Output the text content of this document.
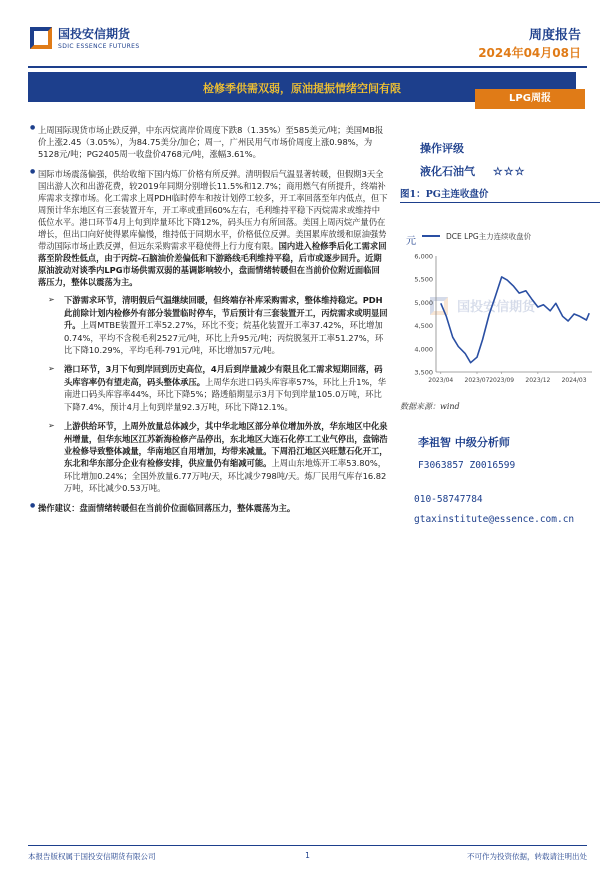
国投安信期货
SDIC ESSENCE FUTURES
周度报告
2024年04月08日
检修季供需双弱，原油提振情绪空间有限
LPG周报
● 上周国际现货市场止跌反弹，中东丙烷离岸价周度下跌8（1.35%）至585美元/吨；美国MB报价上涨2.45（3.05%），为84.75美分/加仑；周一，广州民用气市场价周度上涨0.98%，为5128元/吨；PG2405周一收盘价4768元/吨，涨幅3.61%。
● 国际市场震荡偏强，供给收缩下国内炼厂价格有所反弹。清明假后气温显著转暖，但假期3天全国出游人次和出游花费，较2019年同期分别增长11.5%和12.7%；商用燃气有所提升，终端补库需求支撑市场。化工需求上周PDH临时停车和按计划停工较多，开工率回落至年内低点，但下周预计华东地区有三套装置开车，开工率或重回60%左右，毛利维持平稳下丙烷需求或维持中低位水平。港口环节4月上旬到岸量环比下降12%，码头压力有所回落。美国上周丙烷产量仍在增长，但出口向好使得累库偏慢，维持低于同期水平，价格低位反弹。美国累库放缓和原油强势带动国际市场止跌反弹，但远东采购需求平稳使得上行力度有限。国内进入检修季后化工需求回落至阶段性低点，由于丙烷-石脑油价差偏低和下游路线毛利维持平稳，后市或逐步回升。近期原油波动对谈季内LPG市场供需双弱的基调影响较小，盘面情绪转暖但在当前价位附近面临回落压力，整体以震荡为主。
➢ 下游需求环节，清明假后气温继续回暖，但终端存补库采购需求，整体维持稳定。PDH此前除计划内检修外有部分装置临时停车，节后预计有三套装置开工，丙烷需求或明显回升。上周MTBE装置开工率52.27%，环比不变；烷基化装置开工率37.42%，环比增加0.74%，平均不含税毛利2527元/吨，环比上升95元/吨；丙烷脱氢开工率51.27%，环比下降10.29%，平均毛利-791元/吨，环比增加57元/吨。
➢ 港口环节，3月下旬到岸回到历史高位，4月后到岸量减少有限且化工需求短期回落，码头库容率仍有望走高，码头整体承压。上周华东进口码头库容率57%，环比上升1%，华南进口码头库容率44%，环比下降5%；路透船期显示3月下旬到岸量105.0万吨，环比下降7.4%，预计4月上旬到岸量92.3万吨，环比下降12.1%。
➢ 上游供给环节，上周外放量总体减少，其中华北地区部分单位增加外放，华东地区中化泉州增量，但华东地区江苏新海检修产品停出，东北地区大连石化停工工业气停出，盘锦浩业检修导致整体减量，华南地区自用增加，均带来减量。下周沿江地区兴旺慧石化开工，东北和华东部分企业有检修安排，供应量仍有缩减可能。上周山东地炼开工率53.80%，环比增加0.24%；全国外放量6.77万吨/天，环比减少798吨/天。炼厂民用气库存16.82万吨，环比减少0.53万吨。
● 操作建议：盘面情绪转暖但在当前价位面临回落压力，整体震荡为主。
操作评级
液化石油气 ☆☆☆
图1：PG主连收盘价
国投安信期货
元	DCE LPG主力连续收盘价
3,500
4,000
4,500
5,000
5,500
6,000
2023/04 2023/07 2023/09 2023/12 2024/03
数据来源：wind
李祖智 中级分析师
F3063857 Z0016599
010-58747784
gtaxinstitute@essence.com.cn
本报告版权属于国投安信期货有限公司	1	不可作为投资依据，转载请注明出处
